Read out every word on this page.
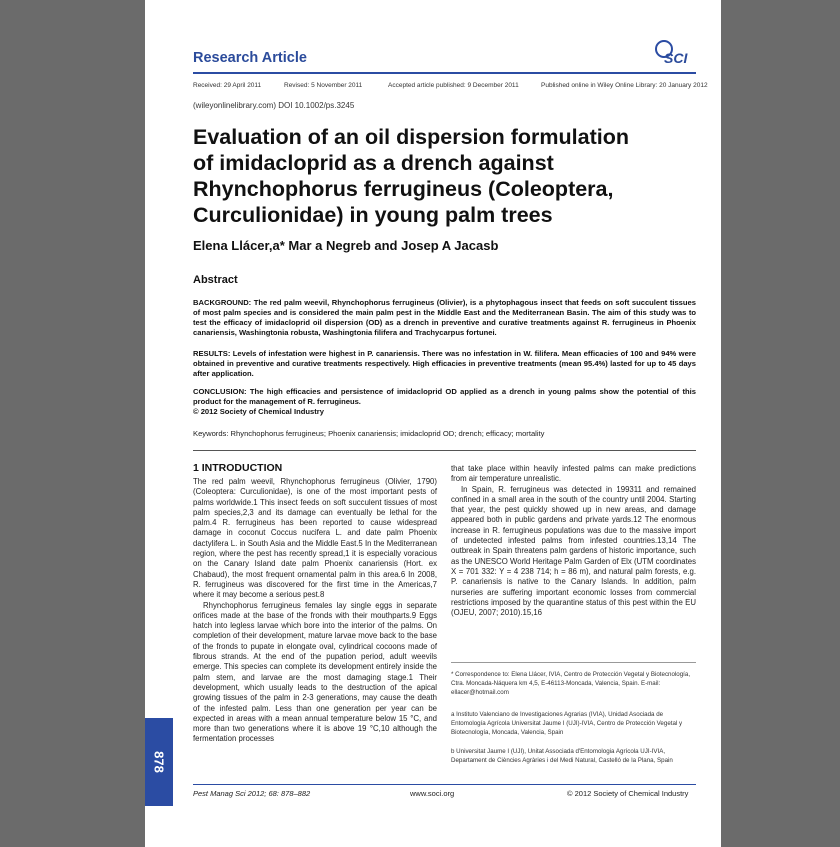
Research Article	SCI
Received: 29 April 2011	Revised: 5 November 2011	Accepted article published: 9 December 2011	Published online in Wiley Online Library: 20 January 2012
(wileyonlinelibrary.com) DOI 10.1002/ps.3245
Evaluation of an oil dispersion formulation
of imidacloprid as a drench against
Rhynchophorus ferrugineus (Coleoptera,
Curculionidae) in young palm trees
Elena Llácer,a* Mar a Negreb and Josep A Jacasb
Abstract
BACKGROUND: The red palm weevil, Rhynchophorus ferrugineus (Olivier), is a phytophagous insect that feeds on soft succulent tissues of most palm species and is considered the main palm pest in the Middle East and the Mediterranean Basin. The aim of this study was to test the efficacy of imidacloprid oil dispersion (OD) as a drench in preventive and curative treatments against R. ferrugineus in Phoenix canariensis, Washingtonia robusta, Washingtonia filifera and Trachycarpus fortunei.
RESULTS: Levels of infestation were highest in P. canariensis. There was no infestation in W. filifera. Mean efficacies of 100 and 94% were obtained in preventive and curative treatments respectively. High efficacies in preventive treatments (mean 95.4%) lasted for up to 45 days after application.
CONCLUSION: The high efficacies and persistence of imidacloprid OD applied as a drench in young palms show the potential of this product for the management of R. ferrugineus.
© 2012 Society of Chemical Industry
Keywords: Rhynchophorus ferrugineus; Phoenix canariensis; imidacloprid OD; drench; efficacy; mortality
1 INTRODUCTION
The red palm weevil, Rhynchophorus ferrugineus (Olivier, 1790) (Coleoptera: Curculionidae), is one of the most important pests of palms worldwide.1 This insect feeds on soft succulent tissues of most palm species,2,3 and its damage can eventually be lethal for the palm.4 R. ferrugineus has been reported to cause widespread damage in coconut Coccus nucifera L. and date palm Phoenix dactylifera L. in South Asia and the Middle East.5 In the Mediterranean region, where the pest has recently spread,1 it is especially voracious on the Canary Island date palm Phoenix canariensis (Hort. ex Chabaud), the most frequent ornamental palm in this area.6 In 2008, R. ferrugineus was discovered for the first time in the Americas,7 where it may become a serious pest.8
Rhynchophorus ferrugineus females lay single eggs in separate orifices made at the base of the fronds with their mouthparts.9 Eggs hatch into legless larvae which bore into the interior of the palms. On completion of their development, mature larvae move back to the base of the fronds to pupate in elongate oval, cylindrical cocoons made of fibrous strands. At the end of the pupation period, adult weevils emerge. This species can complete its development entirely inside the palm stem, and larvae are the most damaging stage.1 Their development, which usually leads to the destruction of the apical growing tissues of the palm in 2-3 generations, may cause the death of the infested palm. Less than one generation per year can be expected in areas with a mean annual temperature below 15 °C, and more than two generations where it is above 19 °C,10 although the fermentation processes
that take place within heavily infested palms can make predictions from air temperature unrealistic.
In Spain, R. ferrugineus was detected in 199311 and remained confined in a small area in the south of the country until 2004. Starting that year, the pest quickly showed up in new areas, and damage appeared both in public gardens and private yards.12 The enormous increase in R. ferrugineus populations was due to the massive import of undetected infested palms from infested countries.13,14 The outbreak in Spain threatens palm gardens of historic importance, such as the UNESCO World Heritage Palm Garden of Elx (UTM coordinates X = 701 332: Y = 4 238 714; h = 86 m), and natural palm forests, e.g. P. canariensis is native to the Canary Islands. In addition, palm nurseries are suffering important economic losses from commercial restrictions imposed by the quarantine status of this pest within the EU (OJEU, 2007; 2010).15,16
* Correspondence to: Elena Llácer, IVIA, Centro de Protección Vegetal y Biotecnología, Ctra. Moncada-Náquera km 4,5, E-46113-Moncada, Valencia, Spain. E-mail: ellacer@hotmail.com
a Instituto Valenciano de Investigaciones Agrarias (IVIA), Unidad Asociada de Entomología Agrícola Universitat Jaume I (UJI)-IVIA, Centro de Protección Vegetal y Biotecnología, Moncada, Valencia, Spain
b Universitat Jaume I (UJI), Unitat Associada d'Entomologia Agrícola UJI-IVIA, Departament de Ciències Agràries i del Medi Natural, Castelló de la Plana, Spain
878
Pest Manag Sci 2012; 68: 878–882	www.soci.org	© 2012 Society of Chemical Industry
